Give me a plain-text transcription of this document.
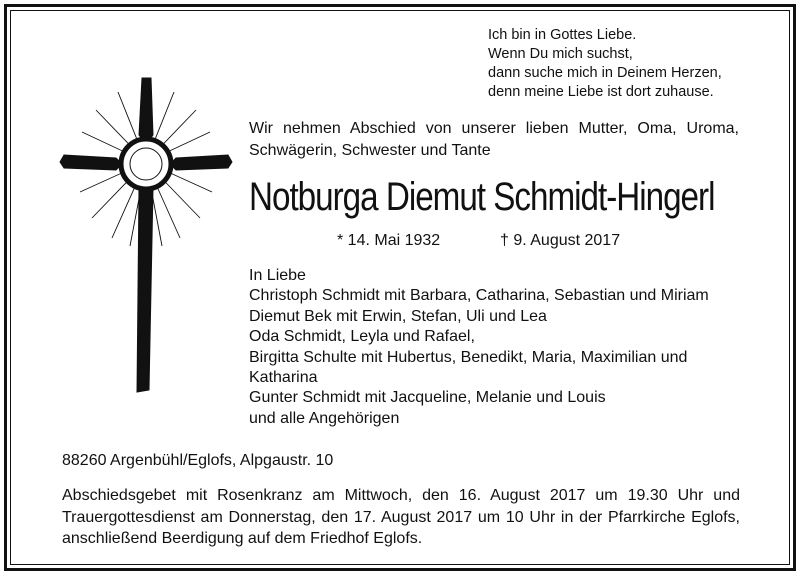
Ich bin in Gottes Liebe.
Wenn Du mich suchst,
dann suche mich in Deinem Herzen,
denn meine Liebe ist dort zuhause.
Wir nehmen Abschied von unserer lieben Mutter, Oma, Uroma, Schwägerin, Schwester und Tante
Notburga Diemut Schmidt-Hingerl
* 14. Mai 1932	† 9. August 2017
In Liebe
Christoph Schmidt mit Barbara, Catharina, Sebastian und Miriam
Diemut Bek mit Erwin, Stefan, Uli und Lea
Oda Schmidt, Leyla und Rafael,
Birgitta Schulte mit Hubertus, Benedikt, Maria, Maximilian und
Katharina
Gunter Schmidt mit Jacqueline, Melanie und Louis
und alle Angehörigen
88260 Argenbühl/Eglofs, Alpgaustr. 10
Abschiedsgebet mit Rosenkranz am Mittwoch, den 16. August 2017 um 19.30 Uhr und Trauergottesdienst am Donnerstag, den 17. August 2017 um 10 Uhr in der Pfarrkirche Eglofs, anschließend Beerdigung auf dem Friedhof Eglofs.
